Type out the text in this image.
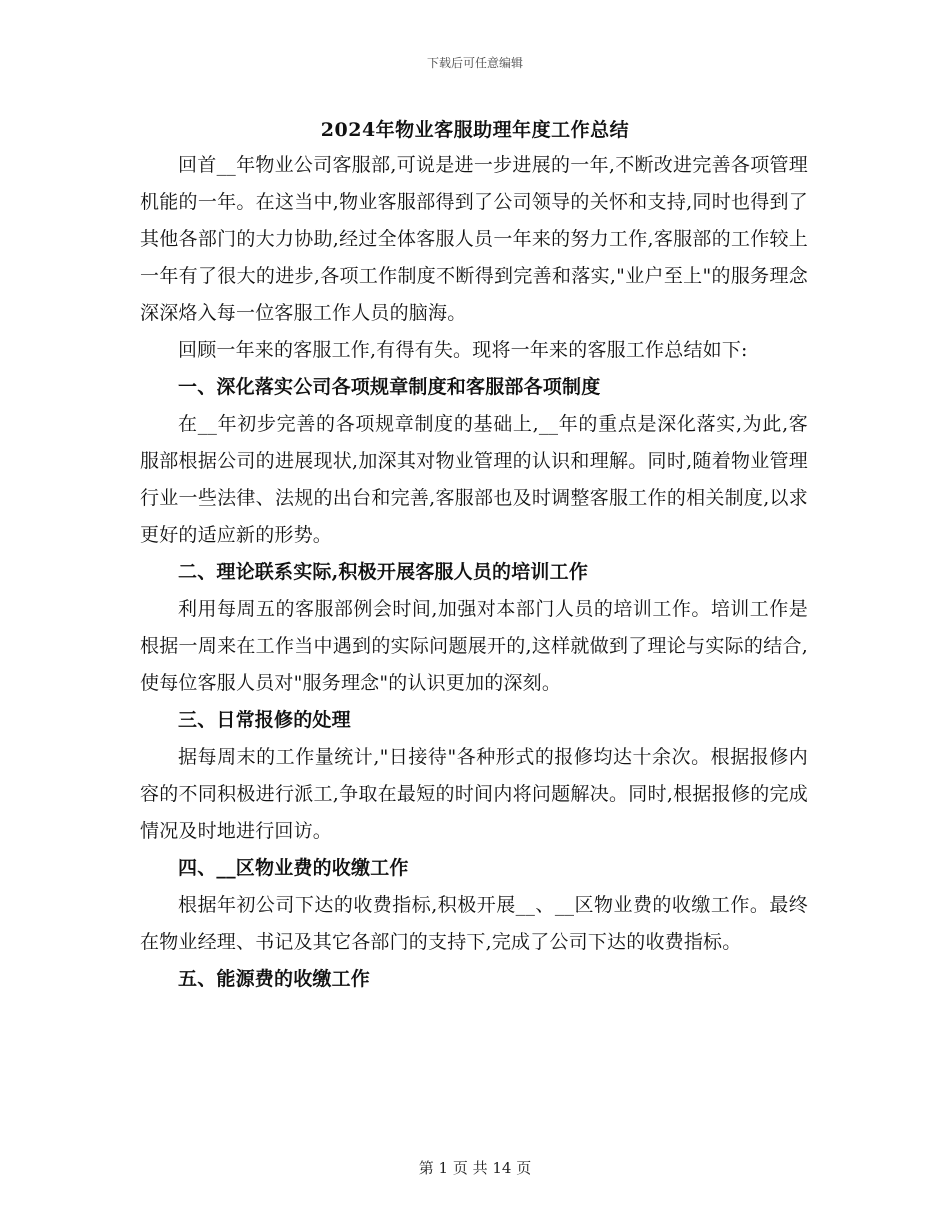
下载后可任意编辑
2024年物业客服助理年度工作总结

回首__年物业公司客服部,可说是进一步进展的一年,不断改进完善各项管理机能的一年。在这当中,物业客服部得到了公司领导的关怀和支持,同时也得到了其他各部门的大力协助,经过全体客服人员一年来的努力工作,客服部的工作较上一年有了很大的进步,各项工作制度不断得到完善和落实,"业户至上"的服务理念深深烙入每一位客服工作人员的脑海。

回顾一年来的客服工作,有得有失。现将一年来的客服工作总结如下:

一、深化落实公司各项规章制度和客服部各项制度

在__年初步完善的各项规章制度的基础上,__年的重点是深化落实,为此,客服部根据公司的进展现状,加深其对物业管理的认识和理解。同时,随着物业管理行业一些法律、法规的出台和完善,客服部也及时调整客服工作的相关制度,以求更好的适应新的形势。

二、理论联系实际,积极开展客服人员的培训工作

利用每周五的客服部例会时间,加强对本部门人员的培训工作。培训工作是根据一周来在工作当中遇到的实际问题展开的,这样就做到了理论与实际的结合,使每位客服人员对"服务理念"的认识更加的深刻。

三、日常报修的处理

据每周末的工作量统计,"日接待"各种形式的报修均达十余次。根据报修内容的不同积极进行派工,争取在最短的时间内将问题解决。同时,根据报修的完成情况及时地进行回访。

四、__区物业费的收缴工作

根据年初公司下达的收费指标,积极开展__、__区物业费的收缴工作。最终在物业经理、书记及其它各部门的支持下,完成了公司下达的收费指标。

五、能源费的收缴工作
第 1 页 共 14 页
